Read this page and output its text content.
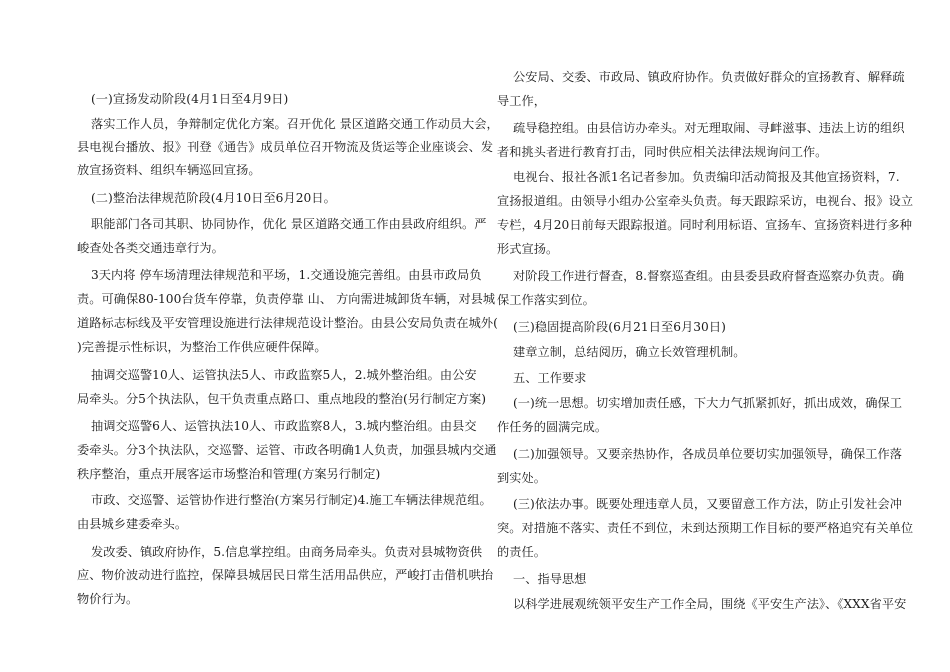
(一)宣扬发动阶段(4月1日至4月9日)
落实工作人员，争辩制定优化方案。召开优化 景区道路交通工作动员大会，
县电视台播放、报》刊登《通告》成员单位召开物流及货运等企业座谈会、发
放宣扬资料、组织车辆巡回宣扬。
(二)整治法律规范阶段(4月10日至6月20日。
职能部门各司其职、协同协作，优化 景区道路交通工作由县政府组织。严
峻查处各类交通违章行为。
3天内将 停车场清理法律规范和平场，1.交通设施完善组。由县市政局负
责。可确保80-100台货车停靠，负责停靠 山、 方向需进城卸货车辆，对县城
道路标志标线及平安管理设施进行法律规范设计整治。由县公安局负责在城外(
)完善提示性标识，为整治工作供应硬件保障。
抽调交巡警10人、运管执法5人、市政监察5人，2.城外整治组。由公安
局牵头。分5个执法队，包干负责重点路口、重点地段的整治(另行制定方案)
抽调交巡警6人、运管执法10人、市政监察8人，3.城内整治组。由县交
委牵头。分3个执法队，交巡警、运管、市政各明确1人负责，加强县城内交通
秩序整治，重点开展客运市场整治和管理(方案另行制定)
市政、交巡警、运管协作进行整治(方案另行制定)4.施工车辆法律规范组。
由县城乡建委牵头。
发改委、镇政府协作，5.信息掌控组。由商务局牵头。负责对县城物资供
应、物价波动进行监控，保障县城居民日常生活用品供应，严峻打击借机哄抬
物价行为。
公安局、交委、市政局、镇政府协作。负责做好群众的宣扬教育、解释疏
导工作，
疏导稳控组。由县信访办牵头。对无理取闹、寻衅滋事、违法上访的组织
者和挑头者进行教育打击，同时供应相关法律法规询问工作。
电视台、报社各派1名记者参加。负责编印活动简报及其他宣扬资料，7.
宣扬报道组。由领导小组办公室牵头负责。每天跟踪采访，电视台、报》设立
专栏，4月20日前每天跟踪报道。同时利用标语、宣扬车、宣扬资料进行多种
形式宣扬。
对阶段工作进行督查，8.督察巡查组。由县委县政府督查巡察办负责。确
保工作落实到位。
(三)稳固提高阶段(6月21日至6月30日)
建章立制，总结阅历，确立长效管理机制。
五、工作要求
(一)统一思想。切实增加责任感，下大力气抓紧抓好，抓出成效，确保工
作任务的圆满完成。
(二)加强领导。又要亲热协作，各成员单位要切实加强领导，确保工作落
到实处。
(三)依法办事。既要处理违章人员，又要留意工作方法，防止引发社会冲
突。对措施不落实、责任不到位，未到达预期工作目标的要严格追究有关单位
的责任。
一、指导思想
以科学进展观统领平安生产工作全局，围绕《平安生产法》、《XXX省平安
